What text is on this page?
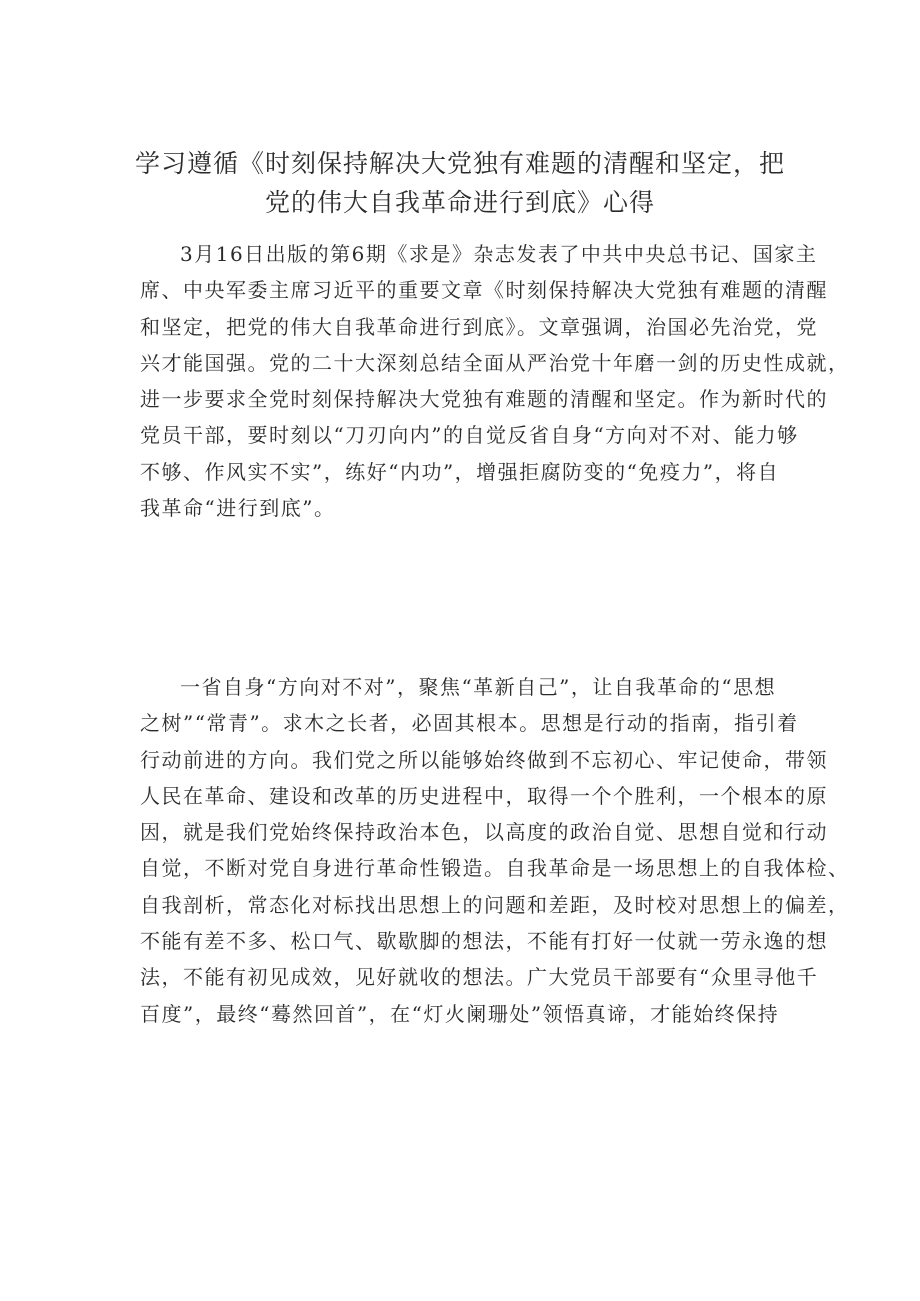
学习遵循《时刻保持解决大党独有难题的清醒和坚定，把
党的伟大自我革命进行到底》心得
3月16日出版的第6期《求是》杂志发表了中共中央总书记、国家主
席、中央军委主席习近平的重要文章《时刻保持解决大党独有难题的清醒
和坚定，把党的伟大自我革命进行到底》。文章强调，治国必先治党，党
兴才能国强。党的二十大深刻总结全面从严治党十年磨一剑的历史性成就，
进一步要求全党时刻保持解决大党独有难题的清醒和坚定。作为新时代的
党员干部，要时刻以“刀刃向内”的自觉反省自身“方向对不对、能力够
不够、作风实不实”，练好“内功”，增强拒腐防变的“免疫力”，将自
我革命“进行到底”。
一省自身“方向对不对”，聚焦“革新自己”，让自我革命的“思想
之树”“常青”。求木之长者，必固其根本。思想是行动的指南，指引着
行动前进的方向。我们党之所以能够始终做到不忘初心、牢记使命，带领
人民在革命、建设和改革的历史进程中，取得一个个胜利，一个根本的原
因，就是我们党始终保持政治本色，以高度的政治自觉、思想自觉和行动
自觉，不断对党自身进行革命性锻造。自我革命是一场思想上的自我体检、
自我剖析，常态化对标找出思想上的问题和差距，及时校对思想上的偏差，
不能有差不多、松口气、歇歇脚的想法，不能有打好一仗就一劳永逸的想
法，不能有初见成效，见好就收的想法。广大党员干部要有“众里寻他千
百度”，最终“蓦然回首”，在“灯火阑珊处”领悟真谛，才能始终保持
